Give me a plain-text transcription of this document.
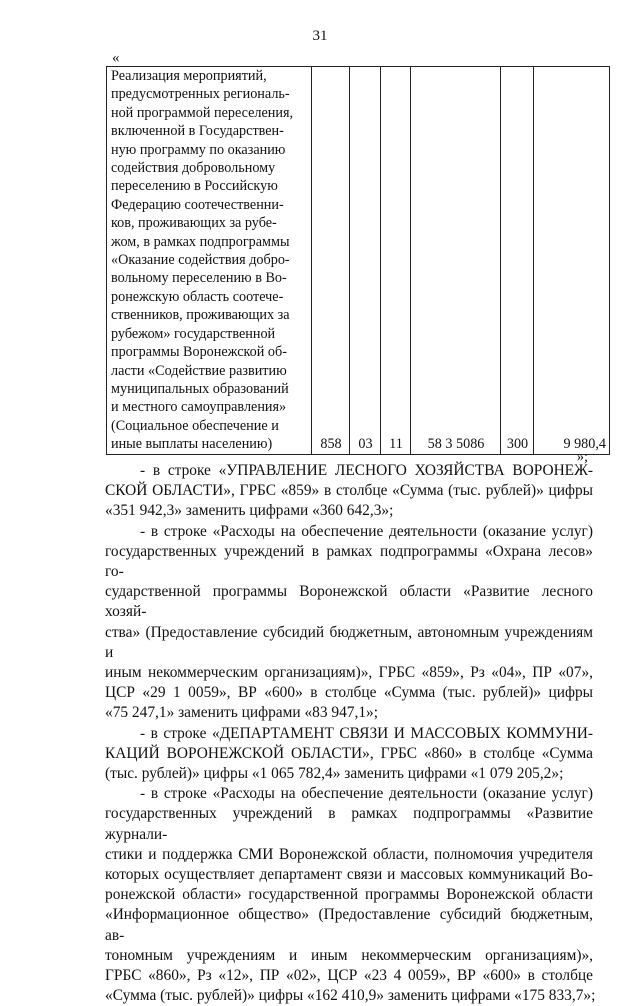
31
«
Реализация мероприятий,
предусмотренных региональ-
ной программой переселения,
включенной в Государствен-
ную программу по оказанию
содействия добровольному
переселению в Российскую
Федерацию соотечественни-
ков, проживающих за рубе-
жом, в рамках подпрограммы
«Оказание содействия добро-
вольному переселению в Во-
ронежскую область соотече-
ственников, проживающих за
рубежом» государственной
программы Воронежской об-
ласти «Содействие развитию
муниципальных образований
и местного самоуправления»
(Социальное обеспечение и
иные выплаты населению)	858	03	11	58 3 5086	300	9 980,4
»;
- в строке «УПРАВЛЕНИЕ ЛЕСНОГО ХОЗЯЙСТВА ВОРОНЕЖ-
СКОЙ ОБЛАСТИ», ГРБС «859» в столбце «Сумма (тыс. рублей)» цифры
«351 942,3» заменить цифрами «360 642,3»;
- в строке «Расходы на обеспечение деятельности (оказание услуг)
государственных учреждений в рамках подпрограммы «Охрана лесов» го-
сударственной программы Воронежской области «Развитие лесного хозяй-
ства» (Предоставление субсидий бюджетным, автономным учреждениям и
иным некоммерческим организациям)», ГРБС «859», Рз «04», ПР «07»,
ЦСР «29 1 0059», ВР «600» в столбце «Сумма (тыс. рублей)» цифры
«75 247,1» заменить цифрами «83 947,1»;
- в строке «ДЕПАРТАМЕНТ СВЯЗИ И МАССОВЫХ КОММУНИ-
КАЦИЙ ВОРОНЕЖСКОЙ ОБЛАСТИ», ГРБС «860» в столбце «Сумма
(тыс. рублей)» цифры «1 065 782,4» заменить цифрами «1 079 205,2»;
- в строке «Расходы на обеспечение деятельности (оказание услуг)
государственных учреждений в рамках подпрограммы «Развитие журнали-
стики и поддержка СМИ Воронежской области, полномочия учредителя
которых осуществляет департамент связи и массовых коммуникаций Во-
ронежской области» государственной программы Воронежской области
«Информационное общество» (Предоставление субсидий бюджетным, ав-
тономным учреждениям и иным некоммерческим организациям)»,
ГРБС «860», Рз «12», ПР «02», ЦСР «23 4 0059», ВР «600» в столбце
«Сумма (тыс. рублей)» цифры «162 410,9» заменить цифрами «175 833,7»;
